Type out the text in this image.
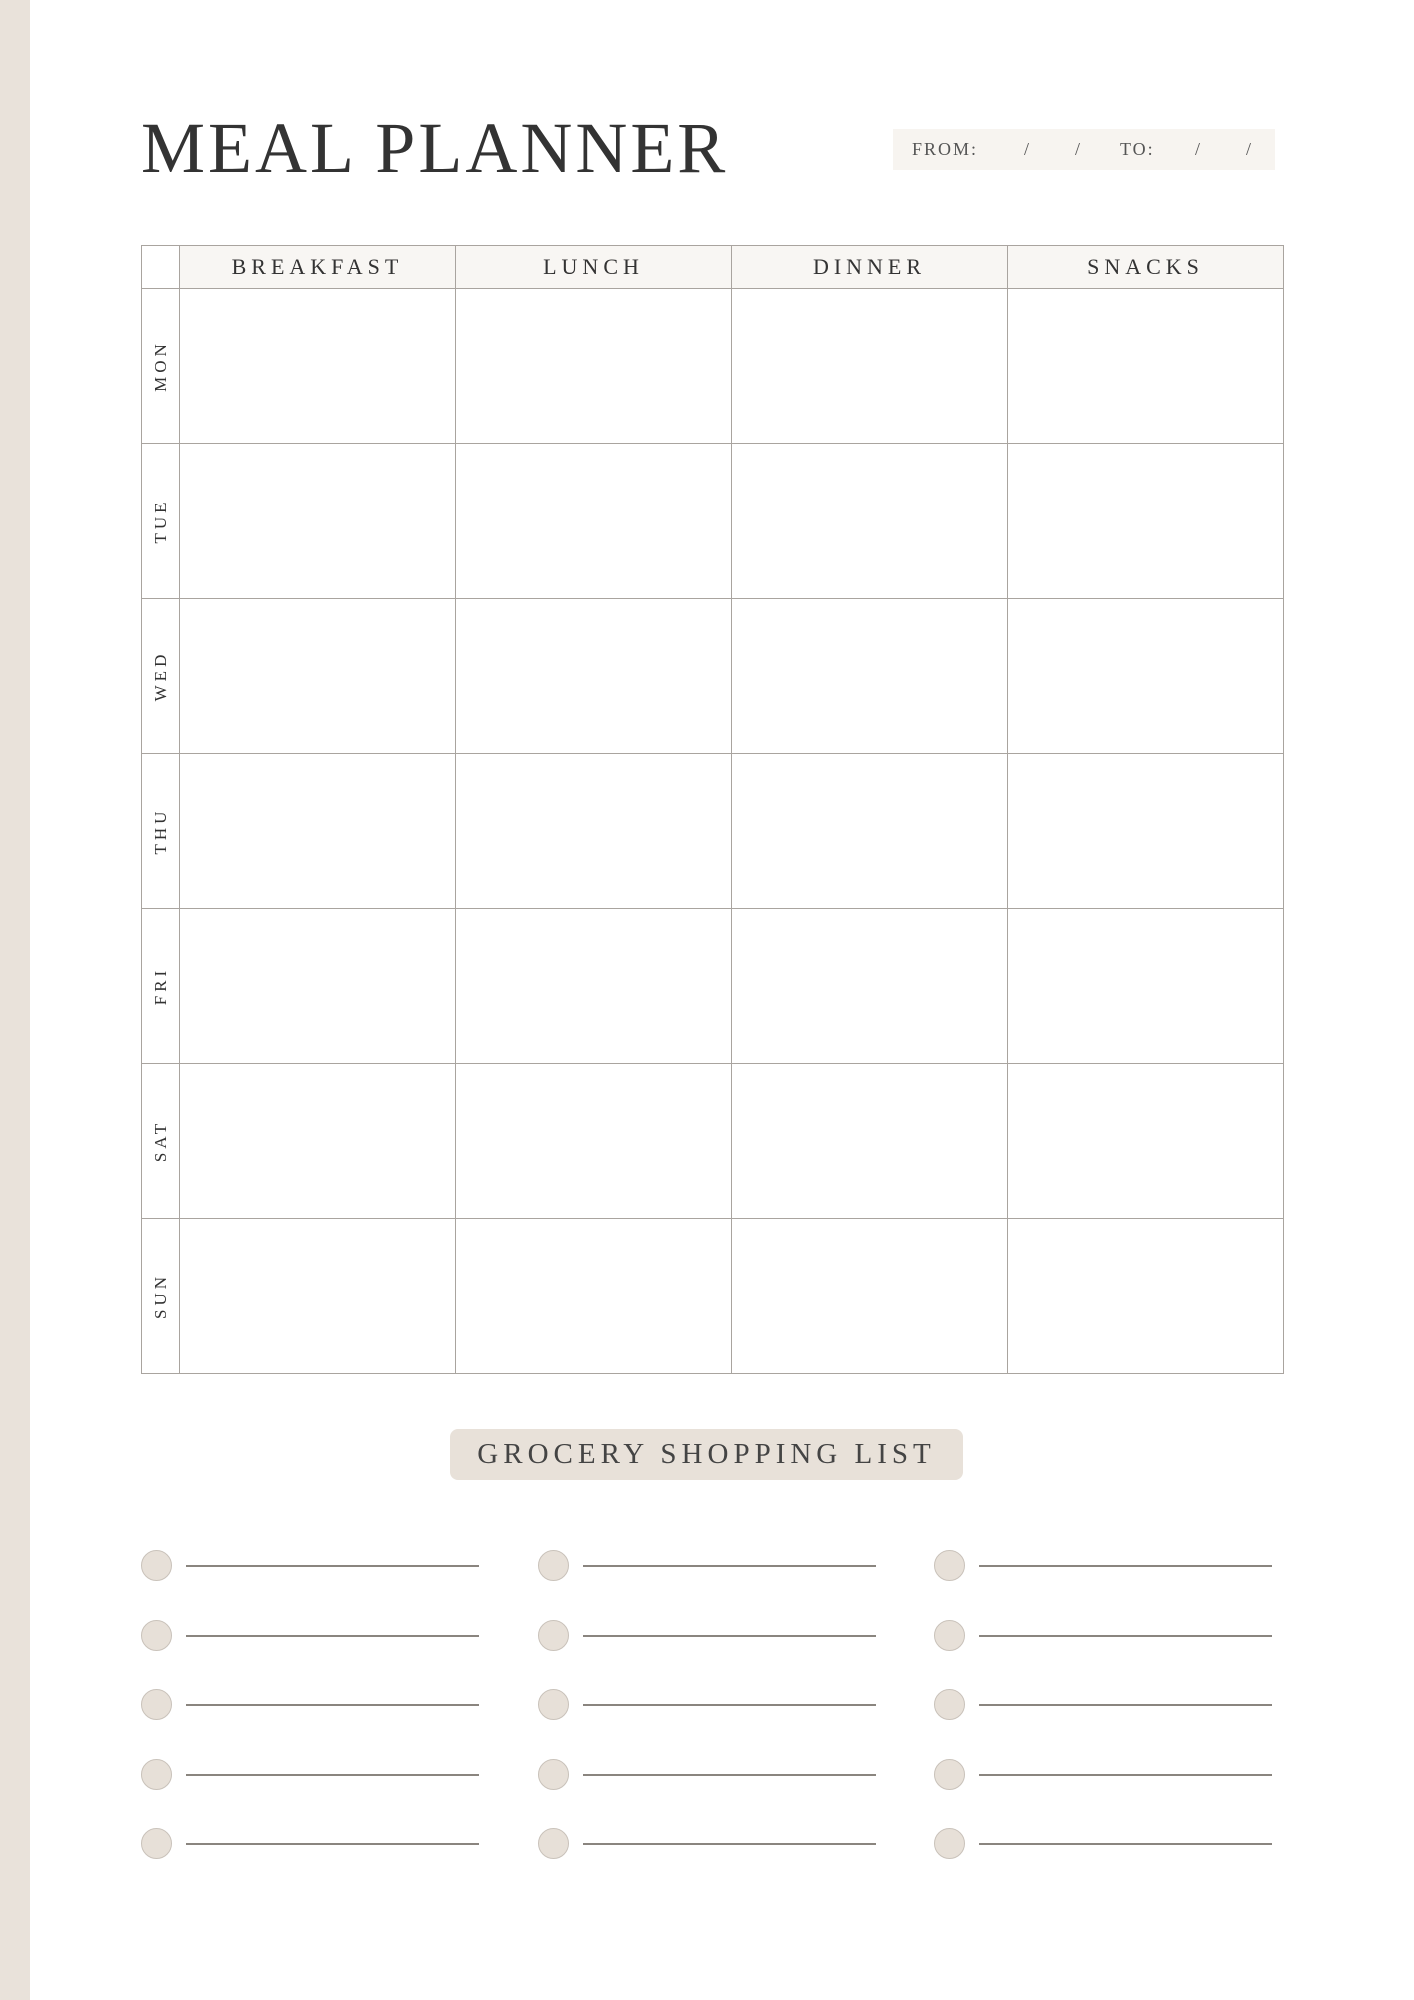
MEAL PLANNER	FROM:	/ / TO: / /
	BREAKFAST	LUNCH	DINNER	SNACKS

MON				

TUE				

WED				

THU				

FRI				

SAT				

SUN				

GROCERY SHOPPING LIST
